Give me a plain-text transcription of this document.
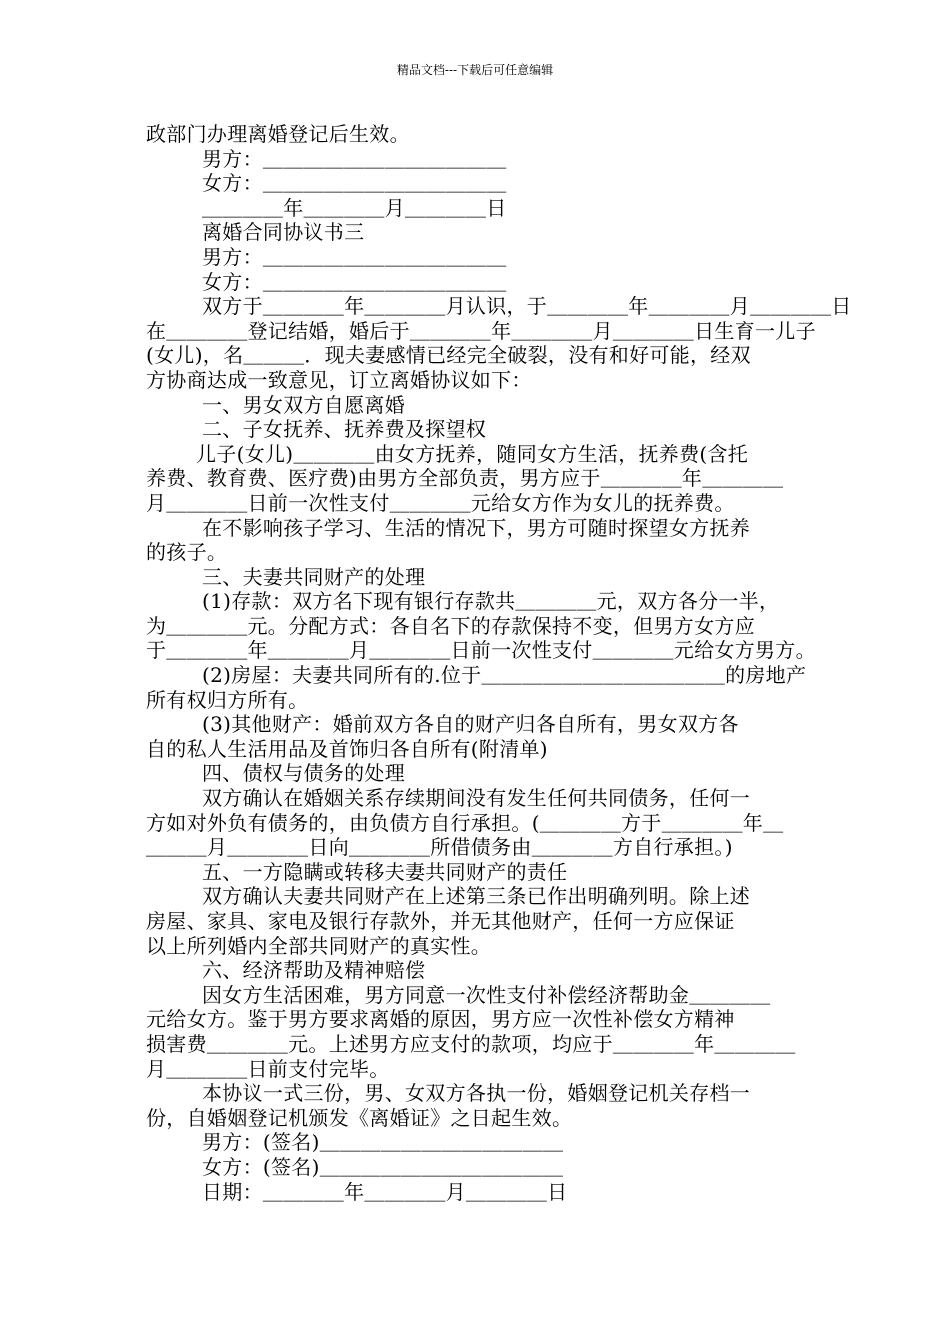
精品文档---下载后可任意编辑
政部门办理离婚登记后生效。
男方：＿＿＿＿＿＿＿＿＿＿＿＿
女方：＿＿＿＿＿＿＿＿＿＿＿＿
＿＿＿＿年＿＿＿＿月＿＿＿＿日
离婚合同协议书三
男方：＿＿＿＿＿＿＿＿＿＿＿＿
女方：＿＿＿＿＿＿＿＿＿＿＿＿
双方于＿＿＿＿年＿＿＿＿月认识，于＿＿＿＿年＿＿＿＿月＿＿＿＿日
在＿＿＿＿登记结婚，婚后于＿＿＿＿年＿＿＿＿月＿＿＿＿日生育一儿子
(女儿)，名＿＿＿．现夫妻感情已经完全破裂，没有和好可能，经双
方协商达成一致意见，订立离婚协议如下：
一、男女双方自愿离婚
二、子女抚养、抚养费及探望权
儿子(女儿)＿＿＿＿由女方抚养，随同女方生活，抚养费(含托
养费、教育费、医疗费)由男方全部负责，男方应于＿＿＿＿年＿＿＿＿
月＿＿＿＿日前一次性支付＿＿＿＿元给女方作为女儿的抚养费。
在不影响孩子学习、生活的情况下，男方可随时探望女方抚养
的孩子。
三、夫妻共同财产的处理
(1)存款：双方名下现有银行存款共＿＿＿＿元，双方各分一半，
为＿＿＿＿元。分配方式：各自名下的存款保持不变，但男方女方应
于＿＿＿＿年＿＿＿＿月＿＿＿＿日前一次性支付＿＿＿＿元给女方男方。
(2)房屋：夫妻共同所有的.位于＿＿＿＿＿＿＿＿＿＿＿＿的房地产
所有权归方所有。
(3)其他财产：婚前双方各自的财产归各自所有，男女双方各
自的私人生活用品及首饰归各自所有(附清单)
四、债权与债务的处理
双方确认在婚姻关系存续期间没有发生任何共同债务，任何一
方如对外负有债务的，由负债方自行承担。(＿＿＿＿方于＿＿＿＿年＿
＿＿＿月＿＿＿＿日向＿＿＿＿所借债务由＿＿＿＿方自行承担。)
五、一方隐瞒或转移夫妻共同财产的责任
双方确认夫妻共同财产在上述第三条已作出明确列明。除上述
房屋、家具、家电及银行存款外，并无其他财产，任何一方应保证
以上所列婚内全部共同财产的真实性。
六、经济帮助及精神赔偿
因女方生活困难，男方同意一次性支付补偿经济帮助金＿＿＿＿
元给女方。鉴于男方要求离婚的原因，男方应一次性补偿女方精神
损害费＿＿＿＿元。上述男方应支付的款项，均应于＿＿＿＿年＿＿＿＿
月＿＿＿＿日前支付完毕。
本协议一式三份，男、女双方各执一份，婚姻登记机关存档一
份，自婚姻登记机颁发《离婚证》之日起生效。
男方：(签名)＿＿＿＿＿＿＿＿＿＿＿＿
女方：(签名)＿＿＿＿＿＿＿＿＿＿＿＿
日期：＿＿＿＿年＿＿＿＿月＿＿＿＿日
